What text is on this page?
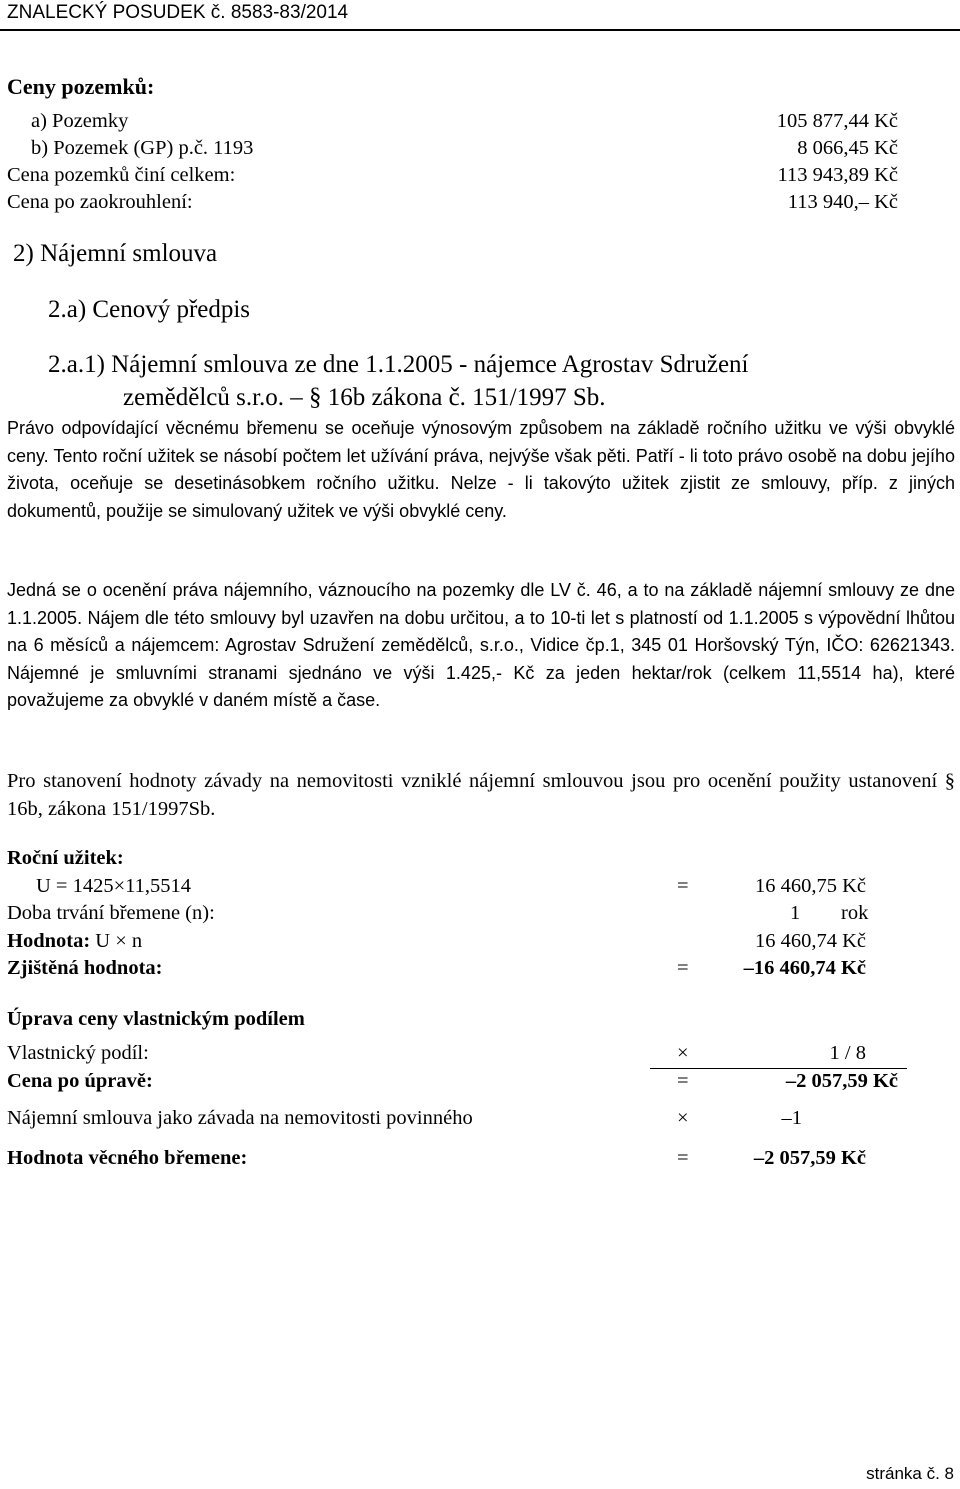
ZNALECKÝ POSUDEK č. 8583-83/2014
Ceny pozemků:
a) Pozemky	105 877,44 Kč
b) Pozemek (GP) p.č. 1193	8 066,45 Kč
Cena pozemků činí celkem:	113 943,89 Kč
Cena po zaokrouhlení:	113 940,– Kč
2) Nájemní smlouva
2.a) Cenový předpis
2.a.1) Nájemní smlouva ze dne 1.1.2005 - nájemce Agrostav Sdružení
zemědělců s.r.o. – § 16b zákona č. 151/1997 Sb.
Právo odpovídající věcnému břemenu se oceňuje výnosovým způsobem na základě ročního užitku ve výši obvyklé ceny. Tento roční užitek se násobí počtem let užívání práva, nejvýše však pěti. Patří - li toto právo osobě na dobu jejího života, oceňuje se desetinásobkem ročního užitku. Nelze - li takovýto užitek zjistit ze smlouvy, příp. z jiných dokumentů, použije se simulovaný užitek ve výši obvyklé ceny.
Jedná se o ocenění práva nájemního, váznoucího na pozemky dle LV č. 46, a to na základě nájemní smlouvy ze dne 1.1.2005. Nájem dle této smlouvy byl uzavřen na dobu určitou, a to 10-ti let s platností od 1.1.2005 s výpovědní lhůtou na 6 měsíců a nájemcem: Agrostav Sdružení zemědělců, s.r.o., Vidice čp.1, 345 01 Horšovský Týn, IČO: 62621343. Nájemné je smluvními stranami sjednáno ve výši 1.425,- Kč za jeden hektar/rok (celkem 11,5514 ha), které považujeme za obvyklé v daném místě a čase.
Pro stanovení hodnoty závady na nemovitosti vzniklé nájemní smlouvou jsou pro ocenění použity ustanovení § 16b, zákona 151/1997Sb.
Roční užitek:
U = 1425×11,5514	=	16 460,75 Kč
Doba trvání břemene (n):	1 rok
Hodnota: U × n	16 460,74 Kč
Zjištěná hodnota:	=	–16 460,74 Kč
Úprava ceny vlastnickým podílem
Vlastnický podíl:	×	1 / 8
Cena po úpravě:	=	–2 057,59 Kč
Nájemní smlouva jako závada na nemovitosti povinného	×	–1
Hodnota věcného břemene:	=	–2 057,59 Kč
stránka č. 8
